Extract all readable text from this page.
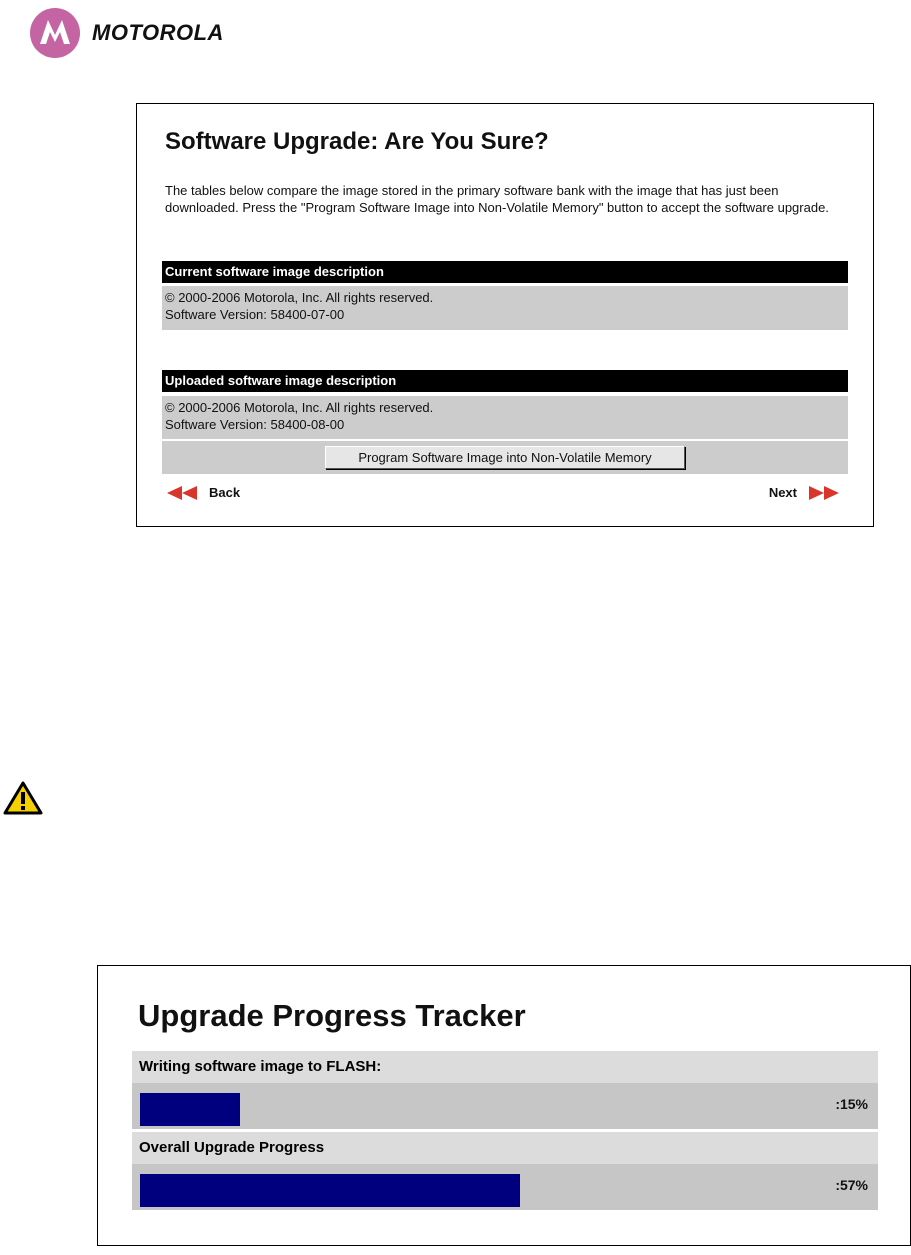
MOTOROLA
Software Upgrade: Are You Sure?
The tables below compare the image stored in the primary software bank with the image that has just been downloaded. Press the "Program Software Image into Non-Volatile Memory" button to accept the software upgrade.
Current software image description
© 2000-2006 Motorola, Inc. All rights reserved.
Software Version: 58400-07-00
Uploaded software image description
© 2000-2006 Motorola, Inc. All rights reserved.
Software Version: 58400-08-00
Program Software Image into Non-Volatile Memory
Back	Next
Upgrade Progress Tracker
Writing software image to FLASH:
:15%
Overall Upgrade Progress
:57%
